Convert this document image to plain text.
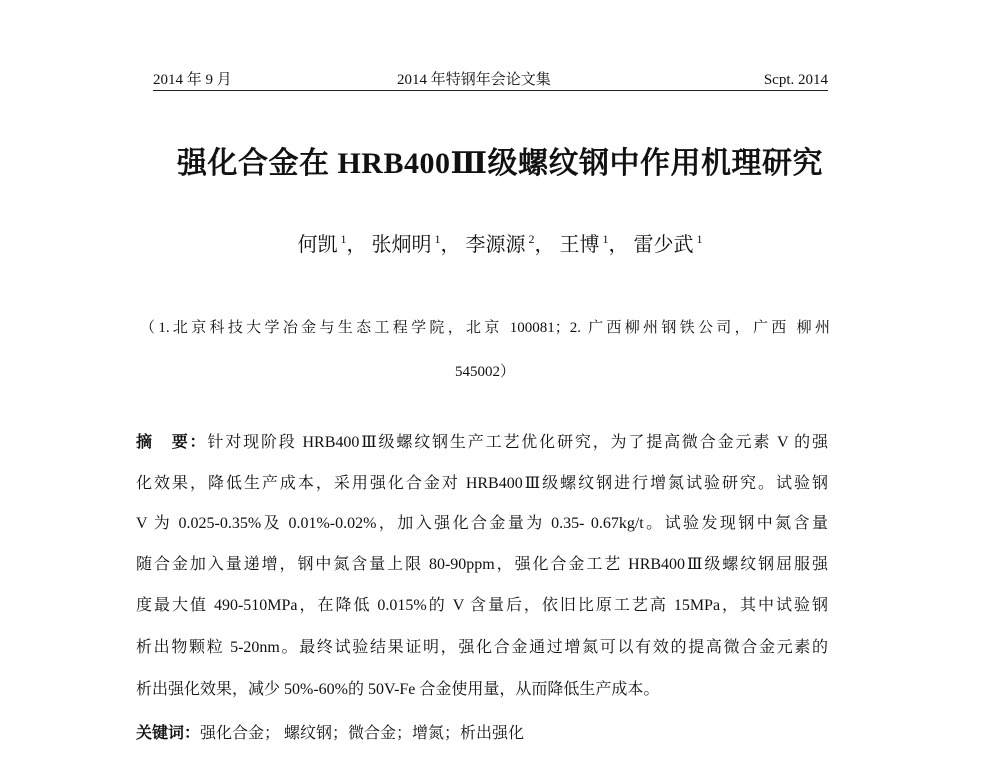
2014 年 9 月	2014 年特钢年会论文集	Scpt. 2014
强化合金在 HRB400Ⅲ级螺纹钢中作用机理研究
何凯 $^1$， 张炯明 $^1$， 李源源 $^2$， 王博 $^1$， 雷少武 $^1$
（1.北京科技大学冶金与生态工程学院，北京 100081；2. 广西柳州钢铁公司，广西 柳州
545002）
摘　要：针对现阶段 HRB400Ⅲ级螺纹钢生产工艺优化研究，为了提高微合金元素 V 的强
化效果，降低生产成本，采用强化合金对 HRB400Ⅲ级螺纹钢进行增氮试验研究。试验钢
V 为 0.025-0.35%及 0.01%-0.02%，加入强化合金量为 0.35- 0.67kg/t。试验发现钢中氮含量
随合金加入量递增，钢中氮含量上限 80-90ppm，强化合金工艺 HRB400Ⅲ级螺纹钢屈服强
度最大值 490-510MPa，在降低 0.015%的 V 含量后，依旧比原工艺高 15MPa，其中试验钢
析出物颗粒 5-20nm。最终试验结果证明，强化合金通过增氮可以有效的提高微合金元素的
析出强化效果，减少 50%-60%的 50V-Fe 合金使用量，从而降低生产成本。
关键词：强化合金； 螺纹钢；微合金；增氮；析出强化
